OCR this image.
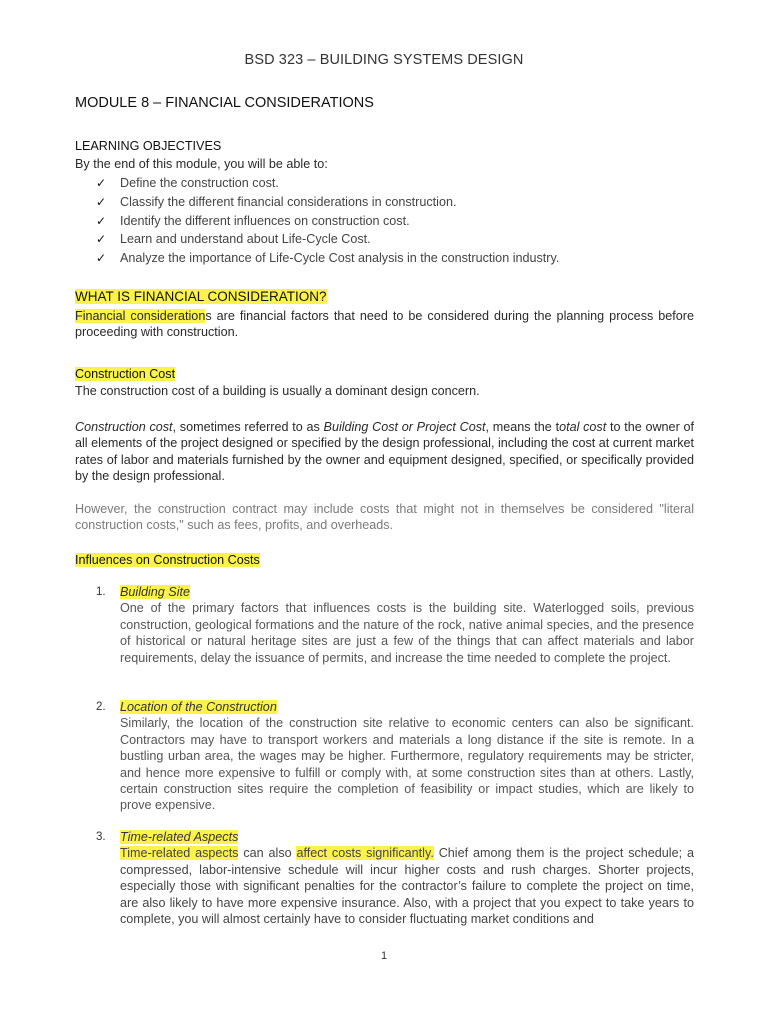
BSD 323 – BUILDING SYSTEMS DESIGN
MODULE 8 – FINANCIAL CONSIDERATIONS
LEARNING OBJECTIVES
By the end of this module, you will be able to:
✓ Define the construction cost.
✓ Classify the different financial considerations in construction.
✓ Identify the different influences on construction cost.
✓ Learn and understand about Life-Cycle Cost.
✓ Analyze the importance of Life-Cycle Cost analysis in the construction industry.
WHAT IS FINANCIAL CONSIDERATION?
Financial considerations are financial factors that need to be considered during the planning process before proceeding with construction.
Construction Cost
The construction cost of a building is usually a dominant design concern.
Construction cost, sometimes referred to as Building Cost or Project Cost, means the total cost to the owner of all elements of the project designed or specified by the design professional, including the cost at current market rates of labor and materials furnished by the owner and equipment designed, specified, or specifically provided by the design professional.
However, the construction contract may include costs that might not in themselves be considered "literal construction costs," such as fees, profits, and overheads.
Influences on Construction Costs
1. Building Site
One of the primary factors that influences costs is the building site. Waterlogged soils, previous construction, geological formations and the nature of the rock, native animal species, and the presence of historical or natural heritage sites are just a few of the things that can affect materials and labor requirements, delay the issuance of permits, and increase the time needed to complete the project.
2. Location of the Construction
Similarly, the location of the construction site relative to economic centers can also be significant. Contractors may have to transport workers and materials a long distance if the site is remote. In a bustling urban area, the wages may be higher. Furthermore, regulatory requirements may be stricter, and hence more expensive to fulfill or comply with, at some construction sites than at others. Lastly, certain construction sites require the completion of feasibility or impact studies, which are likely to prove expensive.
3. Time-related Aspects
Time-related aspects can also affect costs significantly. Chief among them is the project schedule; a compressed, labor-intensive schedule will incur higher costs and rush charges. Shorter projects, especially those with significant penalties for the contractor’s failure to complete the project on time, are also likely to have more expensive insurance. Also, with a project that you expect to take years to complete, you will almost certainly have to consider fluctuating market conditions and
1
